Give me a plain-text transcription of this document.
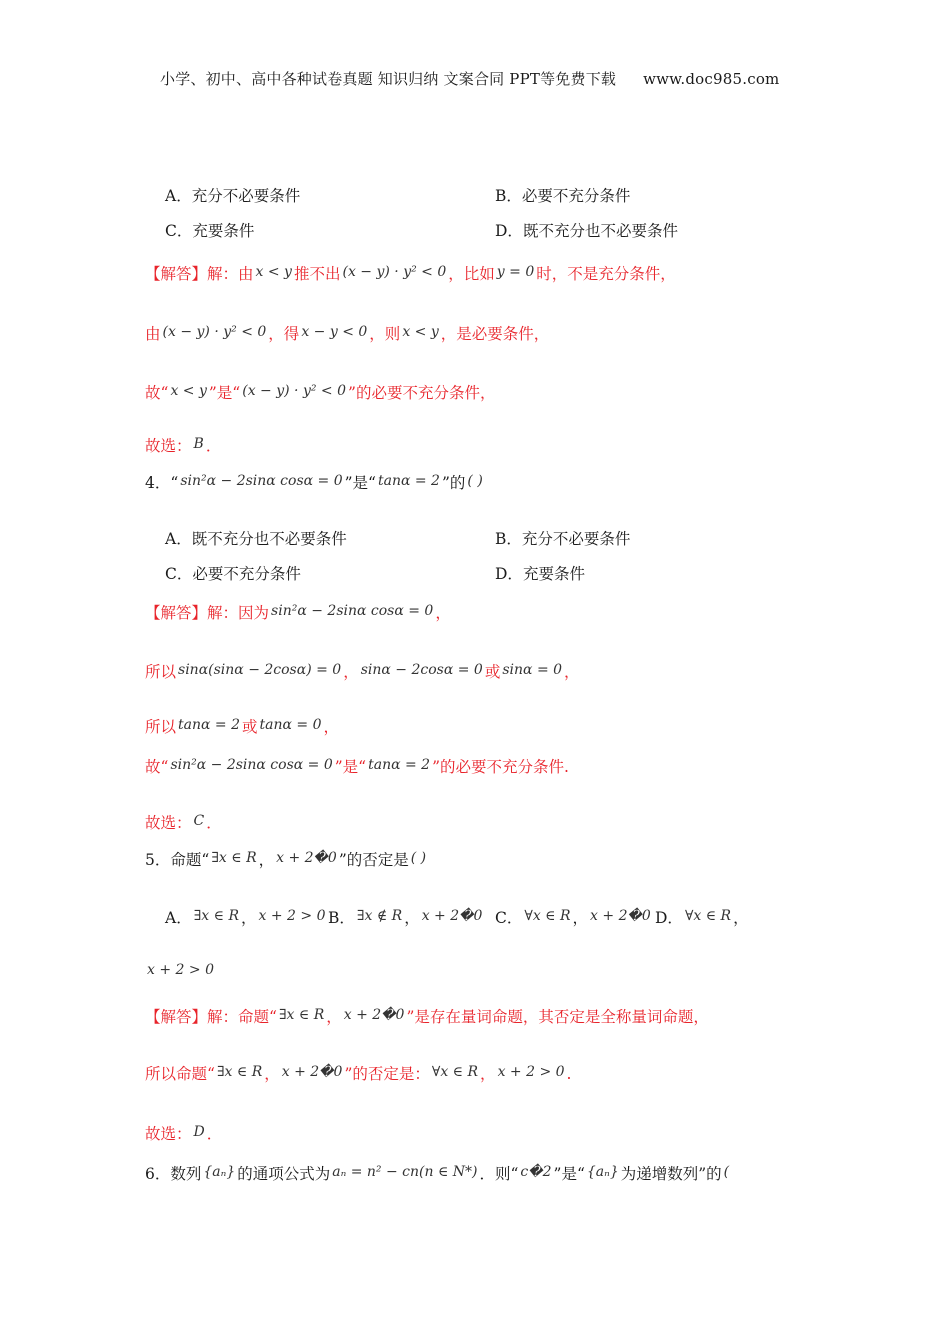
小学、初中、高中各种试卷真题 知识归纳 文案合同 PPT等免费下载 www.doc985.com
A．充分不必要条件	B．必要不充分条件
C．充要条件	D．既不充分也不必要条件
【解答】解：由 x < y 推不出 (x − y) · y² < 0 ，比如 y = 0 时，不是充分条件，
由 (x − y) · y² < 0 ，得 x − y < 0 ，则 x < y ，是必要条件，
故“ x < y ”是“ (x − y) · y² < 0 ”的必要不充分条件，
故选： B ．
4．“ sin²α − 2sinα cosα = 0 ”是“ tanα = 2 ”的 ( )
A．既不充分也不必要条件	B．充分不必要条件
C．必要不充分条件	D．充要条件
【解答】解：因为 sin²α − 2sinα cosα = 0 ，
所以 sinα(sinα − 2cosα) = 0 ， sinα − 2cosα = 0 或 sinα = 0 ，
所以 tanα = 2 或 tanα = 0 ，
故“ sin²α − 2sinα cosα = 0 ”是“ tanα = 2 ”的必要不充分条件.
故选： C ．
5．命题“ ∃x ∈ R ， x + 2�0 ”的否定是 ( )
A． ∃x ∈ R ， x + 2 > 0 B． ∃x ∉ R ， x + 2�0 C． ∀x ∈ R ， x + 2�0 D． ∀x ∈ R ，
x + 2 > 0
【解答】解：命题“ ∃x ∈ R ， x + 2�0 ”是存在量词命题，其否定是全称量词命题，
所以命题“ ∃x ∈ R ， x + 2�0 ”的否定是： ∀x ∈ R ， x + 2 > 0 .
故选： D ．
6．数列 {aₙ} 的通项公式为 aₙ = n² − cn(n ∈ N*) ．则“ c�2 ”是“ {aₙ} 为递增数列”的 (
